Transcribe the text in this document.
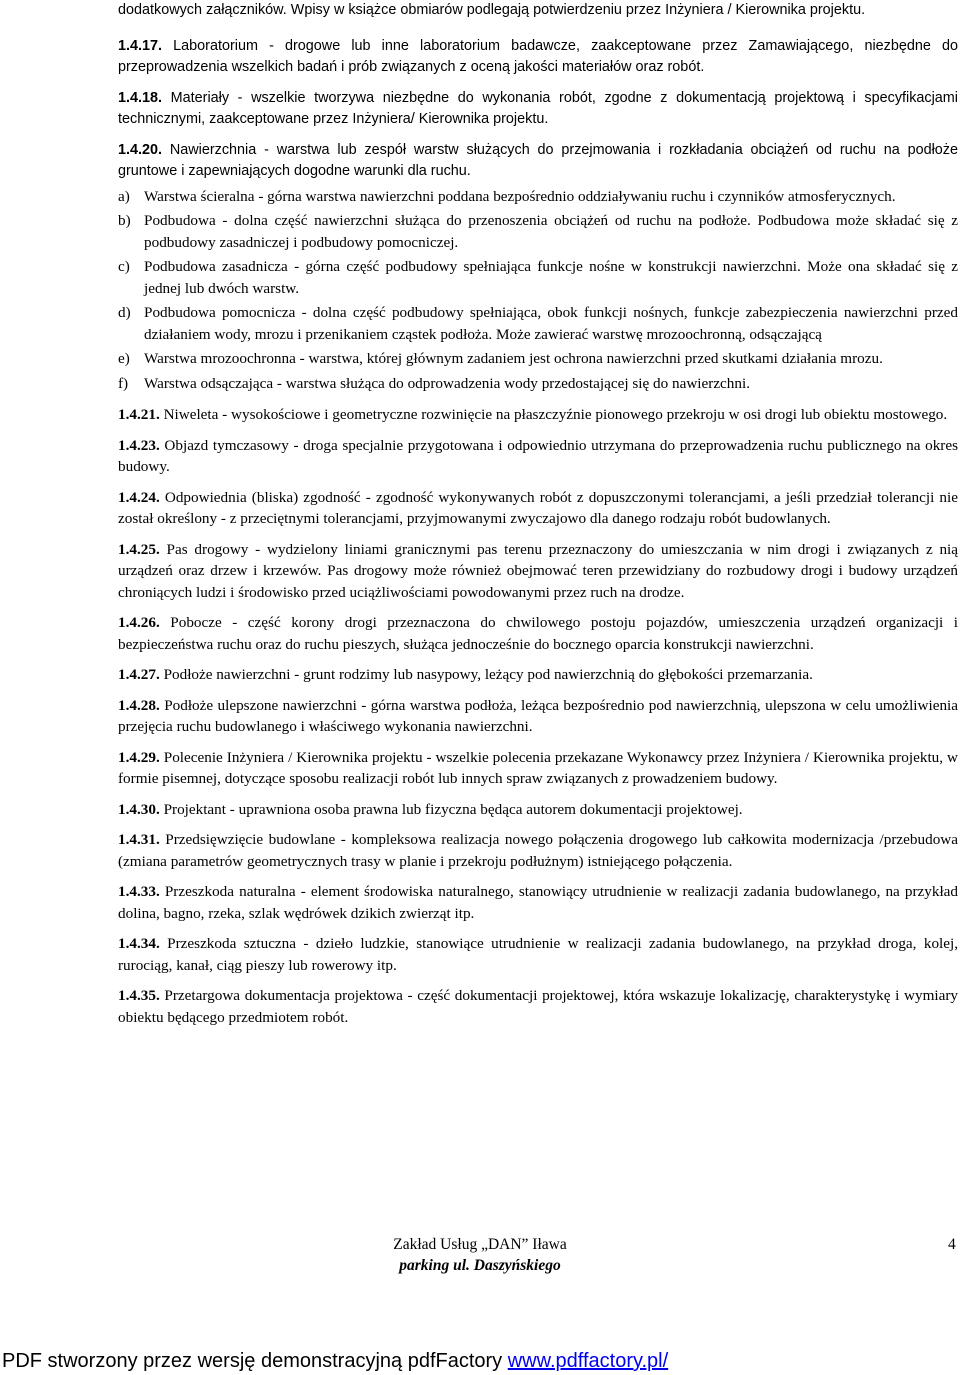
dodatkowych załączników. Wpisy w książce obmiarów podlegają potwierdzeniu przez Inżyniera / Kierownika projektu.

1.4.17. Laboratorium - drogowe lub inne laboratorium badawcze, zaakceptowane przez Zamawiającego, niezbędne do przeprowadzenia wszelkich badań i prób związanych z oceną jakości materiałów oraz robót.

1.4.18. Materiały - wszelkie tworzywa niezbędne do wykonania robót, zgodne z dokumentacją projektową i specyfikacjami technicznymi, zaakceptowane przez Inżyniera/ Kierownika projektu.

1.4.20. Nawierzchnia - warstwa lub zespół warstw służących do przejmowania i rozkładania obciążeń od ruchu na podłoże gruntowe i zapewniających dogodne warunki dla ruchu.

a) Warstwa ścieralna - górna warstwa nawierzchni poddana bezpośrednio oddziaływaniu ruchu i czynników atmosferycznych.

b) Podbudowa - dolna część nawierzchni służąca do przenoszenia obciążeń od ruchu na podłoże. Podbudowa może składać się z podbudowy zasadniczej i podbudowy pomocniczej.

c) Podbudowa zasadnicza - górna część podbudowy spełniająca funkcje nośne w konstrukcji nawierzchni. Może ona składać się z jednej lub dwóch warstw.

d) Podbudowa pomocnicza - dolna część podbudowy spełniająca, obok funkcji nośnych, funkcje zabezpieczenia nawierzchni przed działaniem wody, mrozu i przenikaniem cząstek podłoża. Może zawierać warstwę mrozoochronną, odsączającą

e) Warstwa mrozoochronna - warstwa, której głównym zadaniem jest ochrona nawierzchni przed skutkami działania mrozu.

f) Warstwa odsączająca - warstwa służąca do odprowadzenia wody przedostającej się do nawierzchni.

1.4.21. Niweleta - wysokościowe i geometryczne rozwinięcie na płaszczyźnie pionowego przekroju w osi drogi lub obiektu mostowego.

1.4.23. Objazd tymczasowy - droga specjalnie przygotowana i odpowiednio utrzymana do przeprowadzenia ruchu publicznego na okres budowy.

1.4.24. Odpowiednia (bliska) zgodność - zgodność wykonywanych robót z dopuszczonymi tolerancjami, a jeśli przedział tolerancji nie został określony - z przeciętnymi tolerancjami, przyjmowanymi zwyczajowo dla danego rodzaju robót budowlanych.

1.4.25. Pas drogowy - wydzielony liniami granicznymi pas terenu przeznaczony do umieszczania w nim drogi i związanych z nią urządzeń oraz drzew i krzewów. Pas drogowy może również obejmować teren przewidziany do rozbudowy drogi i budowy urządzeń chroniących ludzi i środowisko przed uciążliwościami powodowanymi przez ruch na drodze.

1.4.26. Pobocze - część korony drogi przeznaczona do chwilowego postoju pojazdów, umieszczenia urządzeń organizacji i bezpieczeństwa ruchu oraz do ruchu pieszych, służąca jednocześnie do bocznego oparcia konstrukcji nawierzchni.

1.4.27. Podłoże nawierzchni - grunt rodzimy lub nasypowy, leżący pod nawierzchnią do głębokości przemarzania.

1.4.28. Podłoże ulepszone nawierzchni - górna warstwa podłoża, leżąca bezpośrednio pod nawierzchnią, ulepszona w celu umożliwienia przejęcia ruchu budowlanego i właściwego wykonania nawierzchni.

1.4.29. Polecenie Inżyniera / Kierownika projektu - wszelkie polecenia przekazane Wykonawcy przez Inżyniera / Kierownika projektu, w formie pisemnej, dotyczące sposobu realizacji robót lub innych spraw związanych z prowadzeniem budowy.

1.4.30. Projektant - uprawniona osoba prawna lub fizyczna będąca autorem dokumentacji projektowej.

1.4.31. Przedsięwzięcie budowlane - kompleksowa realizacja nowego połączenia drogowego lub całkowita modernizacja /przebudowa (zmiana parametrów geometrycznych trasy w planie i przekroju podłużnym) istniejącego połączenia.

1.4.33. Przeszkoda naturalna - element środowiska naturalnego, stanowiący utrudnienie w realizacji zadania budowlanego, na przykład dolina, bagno, rzeka, szlak wędrówek dzikich zwierząt itp.

1.4.34. Przeszkoda sztuczna - dzieło ludzkie, stanowiące utrudnienie w realizacji zadania budowlanego, na przykład droga, kolej, rurociąg, kanał, ciąg pieszy lub rowerowy itp.

1.4.35. Przetargowa dokumentacja projektowa - część dokumentacji projektowej, która wskazuje lokalizację, charakterystykę i wymiary obiektu będącego przedmiotem robót.

Zakład Usług „DAN” Iława
parking ul. Daszyńskiego
4
PDF stworzony przez wersję demonstracyjną pdfFactory www.pdffactory.pl/
